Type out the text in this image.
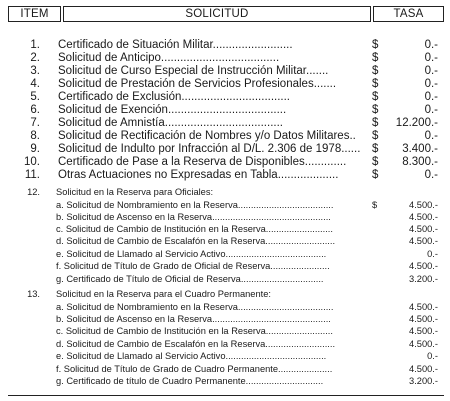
ITEM	SOLICITUD	TASA
1. Certificado de Situación Militar.........................	$	0.-
2. Solicitud de Anticipo.....................................	$	0.-
3. Solicitud de Curso Especial de Instrucción Militar.......	$	0.-
4. Solicitud de Prestación de Servicios Profesionales.......	$	0.-
5. Certificado de Exclusión..................................	$	0.-
6. Solicitud de Exención.....................................	$	0.-
7. Solicitud de Amnistía.....................................	$ 12.200.-
8. Solicitud de Rectificación de Nombres y/o Datos Militares..	$	0.-
9. Solicitud de Indulto por Infracción al D/L. 2.306 de 1978......	$ 3.400.-
10. Certificado de Pase a la Reserva de Disponibles.............	$ 8.300.-
11. Otras Actuaciones no Expresadas en Tabla...................	$	0.-
12. Solicitud en la Reserva para Oficiales:
a. Solicitud de Nombramiento en la Reserva.....................................	$	4.500.-
b. Solicitud de Ascenso en la Reserva..............................................	4.500.-
c. Solicitud de Cambio de Institución en la Reserva..........................	4.500.-
d. Solicitud de Cambio de Escalafón en la Reserva...........................	4.500.-
e. Solicitud de Llamado al Servicio Activo.......................................	0.-
f. Solicitud de Título de Grado de Oficial de Reserva.......................	4.500.-
g. Certificado de Título de Oficial de Reserva................................	3.200.-
13. Solicitud en la Reserva para el Cuadro Permanente:
a. Solicitud de Nombramiento en la Reserva.....................................	4.500.-
b. Solicitud de Ascenso en la Reserva..............................................	4.500.-
c. Solicitud de Cambio de Institución en la Reserva..........................	4.500.-
d. Solicitud de Cambio de Escalafón en la Reserva...........................	4.500.-
e. Solicitud de Llamado al Servicio Activo.......................................	0.-
f. Solicitud de Título de Grado de Cuadro Permanente.....................	4.500.-
g. Certificado de título de Cuadro Permanente..............................	3.200.-
